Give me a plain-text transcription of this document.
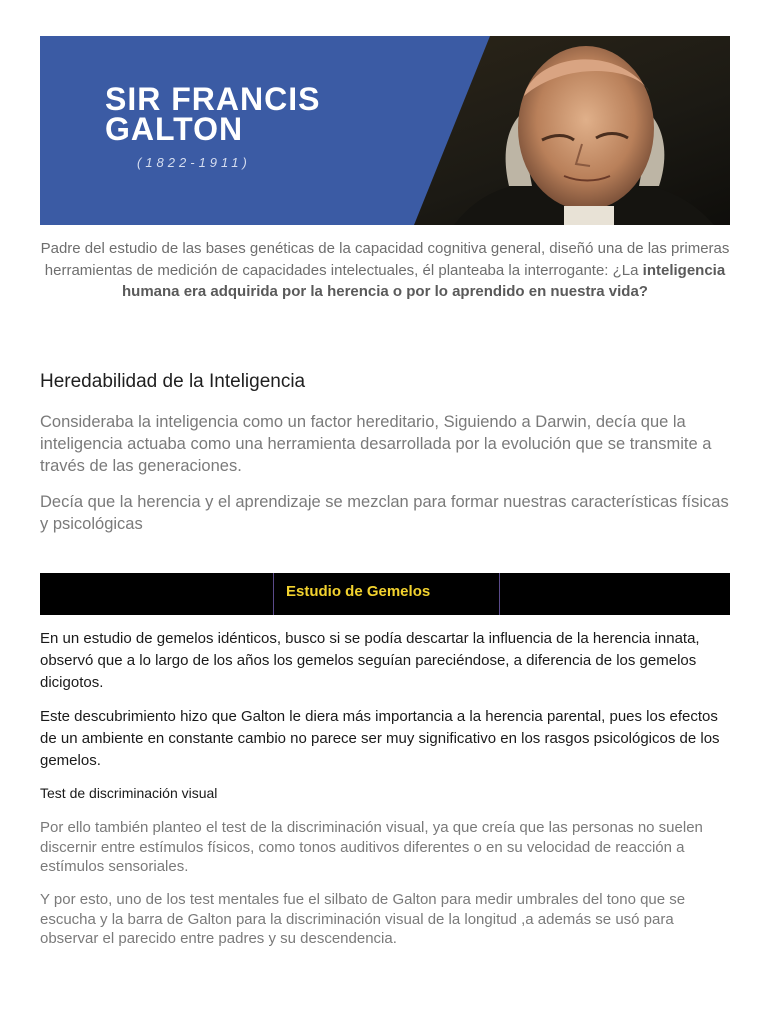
SIR FRANCIS
GALTON
(1822-1911)

Padre del estudio de las bases genéticas de la capacidad cognitiva general, diseñó una de las primeras herramientas de medición de capacidades intelectuales, él planteaba la interrogante: ¿La inteligencia humana era adquirida por la herencia o por lo aprendido en nuestra vida?

Heredabilidad de la Inteligencia

Consideraba la inteligencia como un factor hereditario, Siguiendo a Darwin, decía que la inteligencia actuaba como una herramienta desarrollada por la evolución que se transmite a través de las generaciones.

Decía que la herencia y el aprendizaje se mezclan para formar nuestras características físicas y psicológicas

Estudio de Gemelos

En un estudio de gemelos idénticos, busco si se podía descartar la influencia de la herencia innata, observó que a lo largo de los años los gemelos seguían pareciéndose, a diferencia de los gemelos dicigotos.

Este descubrimiento hizo que Galton le diera más importancia a la herencia parental, pues los efectos de un ambiente en constante cambio no parece ser muy significativo en los rasgos psicológicos de los gemelos.

Test de discriminación visual

Por ello también planteo el test de la discriminación visual, ya que creía que las personas no suelen discernir entre estímulos físicos, como tonos auditivos diferentes o en su velocidad de reacción a estímulos sensoriales.

Y por esto, uno de los test mentales fue el silbato de Galton para medir umbrales del tono que se escucha y la barra de Galton para la discriminación visual de la longitud ,a además se usó para observar el parecido entre padres y su descendencia.
